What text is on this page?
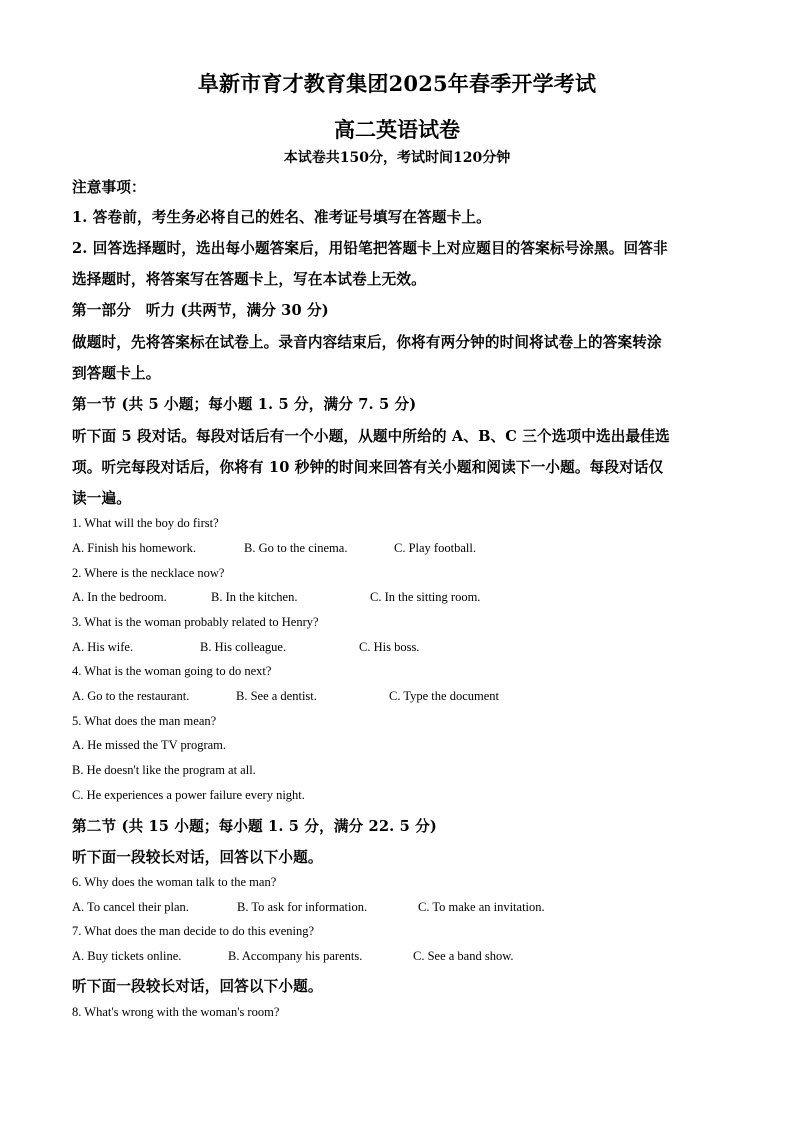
阜新市育才教育集团2025年春季开学考试
高二英语试卷
本试卷共150分，考试时间120分钟
注意事项：
1. 答卷前，考生务必将自己的姓名、准考证号填写在答题卡上。
2. 回答选择题时，选出每小题答案后，用铅笔把答题卡上对应题目的答案标号涂黑。回答非
选择题时，将答案写在答题卡上，写在本试卷上无效。
第一部分　听力 (共两节，满分 30 分)
做题时，先将答案标在试卷上。录音内容结束后，你将有两分钟的时间将试卷上的答案转涂
到答题卡上。
第一节 (共 5 小题；每小题 1. 5 分，满分 7. 5 分)
听下面 5 段对话。每段对话后有一个小题，从题中所给的 A、B、C 三个选项中选出最佳选
项。听完每段对话后，你将有 10 秒钟的时间来回答有关小题和阅读下一小题。每段对话仅
读一遍。
1. What will the boy do first?
A. Finish his homework.	B. Go to the cinema.	C. Play football.
2. Where is the necklace now?
A. In the bedroom.	B. In the kitchen.	C. In the sitting room.
3. What is the woman probably related to Henry?
A. His wife.	B. His colleague.	C. His boss.
4. What is the woman going to do next?
A. Go to the restaurant.	B. See a dentist.	C. Type the document
5. What does the man mean?
A. He missed the TV program.
B. He doesn't like the program at all.
C. He experiences a power failure every night.
第二节 (共 15 小题；每小题 1. 5 分，满分 22. 5 分)
听下面一段较长对话，回答以下小题。
6. Why does the woman talk to the man?
A. To cancel their plan.	B. To ask for information.	C. To make an invitation.
7. What does the man decide to do this evening?
A. Buy tickets online.	B. Accompany his parents.	C. See a band show.
听下面一段较长对话，回答以下小题。
8. What's wrong with the woman's room?
